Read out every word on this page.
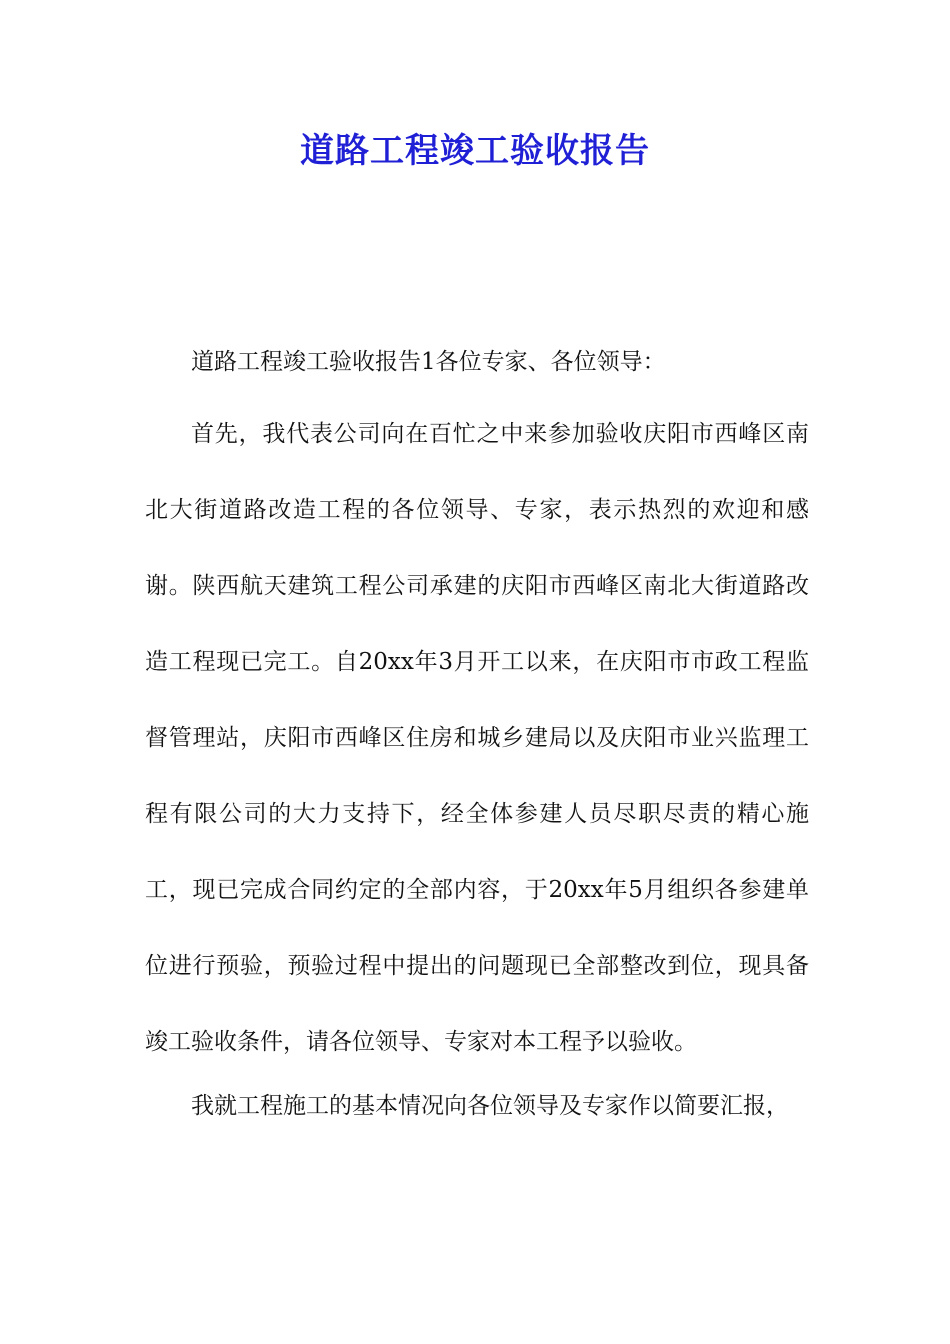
道路工程竣工验收报告

道路工程竣工验收报告1各位专家、各位领导：

首先，我代表公司向在百忙之中来参加验收庆阳市西峰区南北大街道路改造工程的各位领导、专家，表示热烈的欢迎和感谢。陕西航天建筑工程公司承建的庆阳市西峰区南北大街道路改造工程现已完工。自20xx年3月开工以来，在庆阳市市政工程监督管理站，庆阳市西峰区住房和城乡建局以及庆阳市业兴监理工程有限公司的大力支持下，经全体参建人员尽职尽责的精心施工，现已完成合同约定的全部内容，于20xx年5月组织各参建单位进行预验，预验过程中提出的问题现已全部整改到位，现具备竣工验收条件，请各位领导、专家对本工程予以验收。

我就工程施工的基本情况向各位领导及专家作以简要汇报，
